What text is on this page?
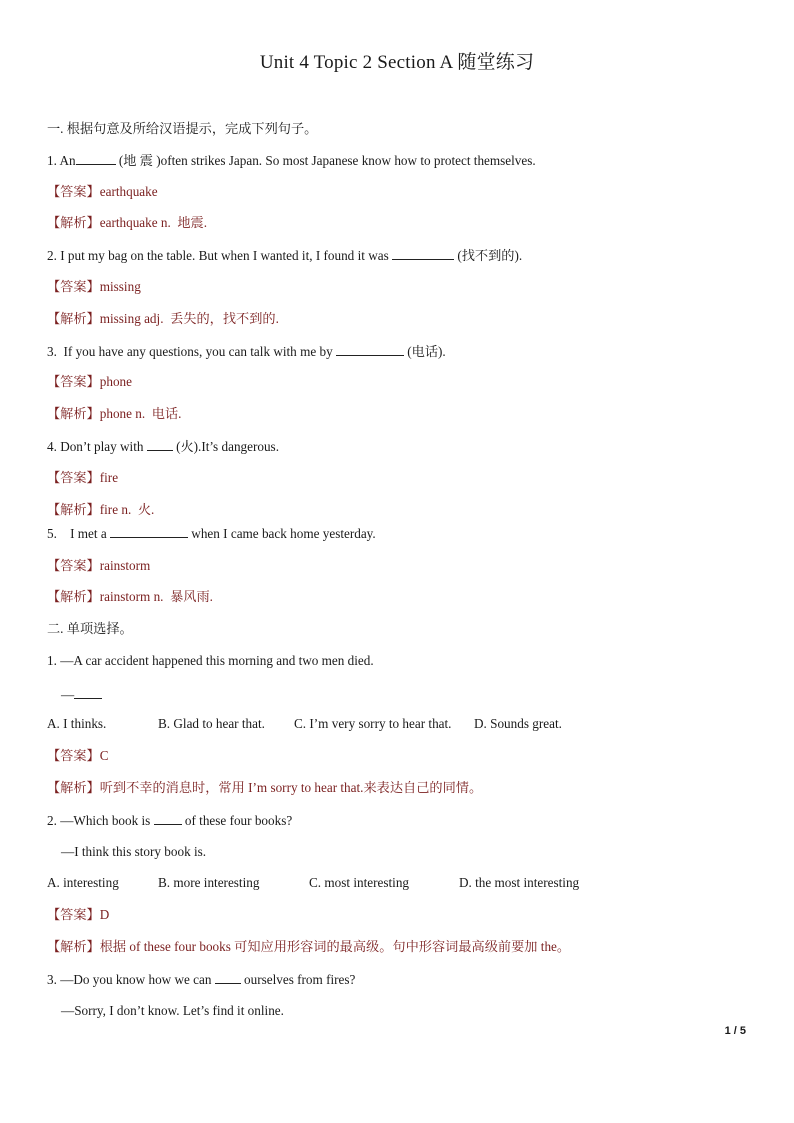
Unit 4 Topic 2 Section A 随堂练习
一. 根据句意及所给汉语提示，完成下列句子。
1. An	(地 震 )often strikes Japan. So most Japanese know how to protect themselves.
【答案】earthquake
【解析】earthquake n.  地震.
2. I put my bag on the table. But when I wanted it, I found it was	(找不到的).
【答案】missing
【解析】missing adj.  丢失的，找不到的.
3.  If you have any questions, you can talk with me by	(电话).
【答案】phone
【解析】phone n.  电话.
4. Don’t play with  (火).It’s dangerous.
【答案】fire
【解析】fire n.  火.
5.    I met a	when I came back home yesterday.
【答案】rainstorm
【解析】rainstorm n.  暴风雨.
二. 单项选择。
1. —A car accident happened this morning and two men died.
—
A. I thinks.	B. Glad to hear that. C. I’m very sorry to hear that. D. Sounds great.
【答案】C
【解析】听到不幸的消息时，常用 I’m sorry to hear that.来表达自己的同情。
2. —Which book is  of these four books?
—I think this story book is.
A. interesting	B. more interesting	C. most interesting	D. the most interesting
【答案】D
【解析】根据 of these four books 可知应用形容词的最高级。句中形容词最高级前要加 the。
3. —Do you know how we can  ourselves from fires?
—Sorry, I don’t know. Let’s find it online.
1 / 5
